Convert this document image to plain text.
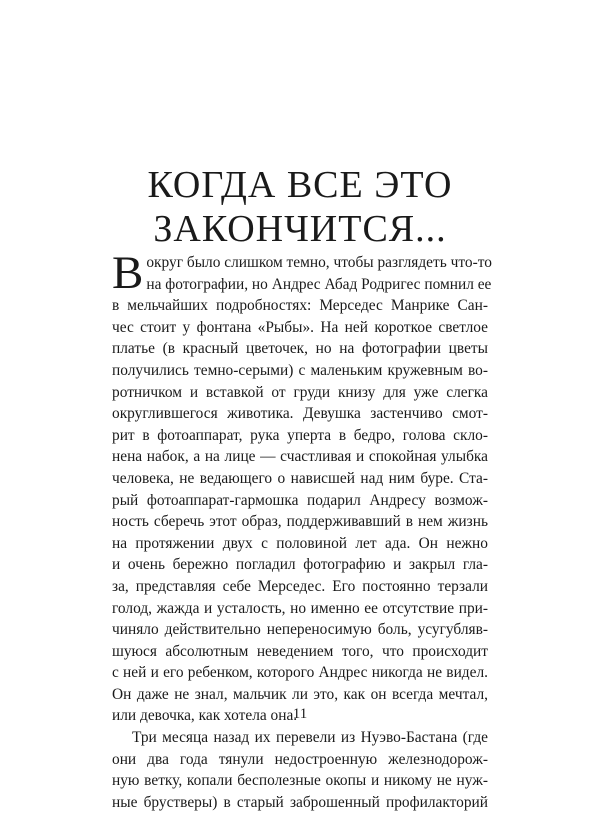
КОГДА ВСЕ ЭТО
ЗАКОНЧИТСЯ...

В округ было слишком темно, чтобы разглядеть что-то
на фотографии, но Андрес Абад Родригес помнил ее
в мельчайших подробностях: Мерседес Манрике Сан-
чес стоит у фонтана «Рыбы». На ней короткое светлое
платье (в красный цветочек, но на фотографии цветы
получились темно-серыми) с маленьким кружевным во-
ротничком и вставкой от груди книзу для уже слегка
округлившегося животика. Девушка застенчиво смот-
рит в фотоаппарат, рука уперта в бедро, голова скло-
нена набок, а на лице — счастливая и спокойная улыбка
человека, не ведающего о нависшей над ним буре. Ста-
рый фотоаппарат-гармошка подарил Андресу возмож-
ность сберечь этот образ, поддерживавший в нем жизнь
на протяжении двух с половиной лет ада. Он нежно
и очень бережно погладил фотографию и закрыл гла-
за, представляя себе Мерседес. Его постоянно терзали
голод, жажда и усталость, но именно ее отсутствие при-
чиняло действительно непереносимую боль, усугубляв-
шуюся абсолютным неведением того, что происходит
с ней и его ребенком, которого Андрес никогда не видел.
Он даже не знал, мальчик ли это, как он всегда мечтал,
или девочка, как хотела она.

Три месяца назад их перевели из Нуэво-Бастана (где
они два года тянули недостроенную железнодорож-
ную ветку, копали бесполезные окопы и никому не нуж-
ные брустверы) в старый заброшенный профилакторий

11
